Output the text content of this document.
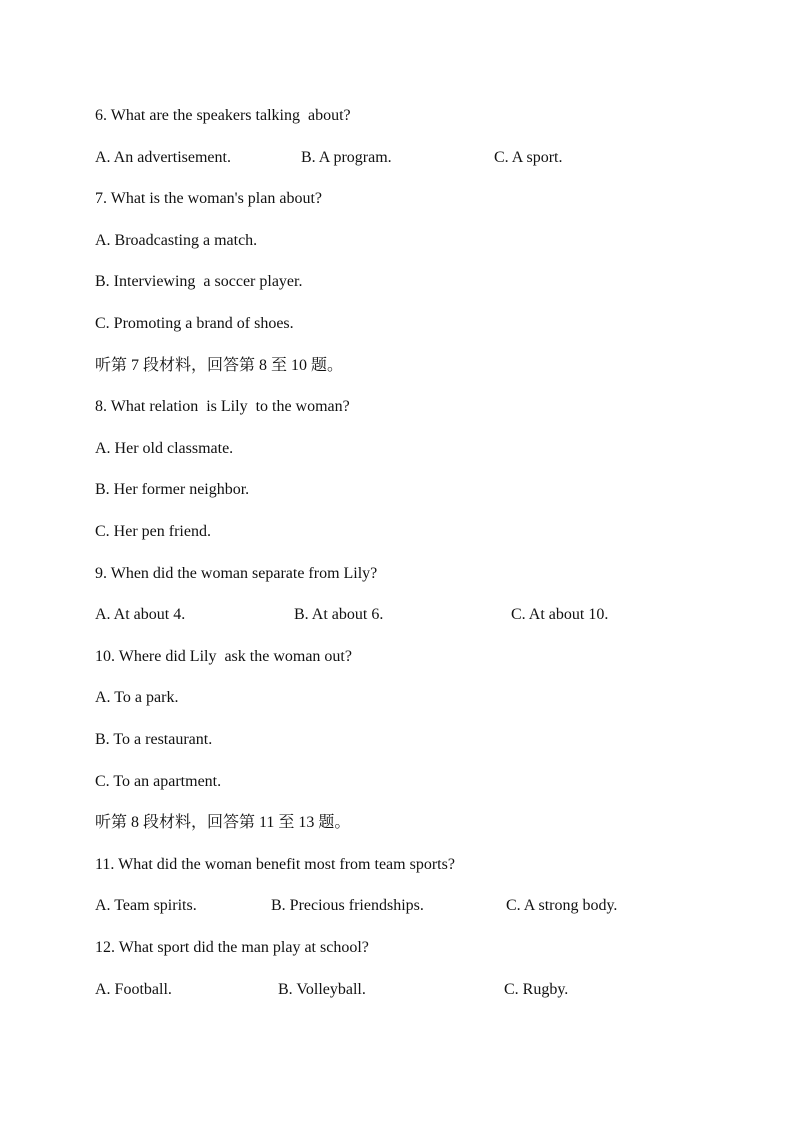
6. What are the speakers talking  about?
A. An advertisement.	B. A program.	C. A sport.
7. What is the woman's plan about?
A. Broadcasting a match.
B. Interviewing  a soccer player.
C. Promoting a brand of shoes.
听第 7 段材料，回答第 8 至 10 题。
8. What relation  is Lily  to the woman?
A. Her old classmate.
B. Her former neighbor.
C. Her pen friend.
9. When did the woman separate from Lily?
A. At about 4.	B. At about 6.	C. At about 10.
10. Where did Lily  ask the woman out?
A. To a park.
B. To a restaurant.
C. To an apartment.
听第 8 段材料，回答第 11 至 13 题。
11. What did the woman benefit most from team sports?
A. Team spirits.	B. Precious friendships.	C. A strong body.
12. What sport did the man play at school?
A. Football.	B. Volleyball.	C. Rugby.
